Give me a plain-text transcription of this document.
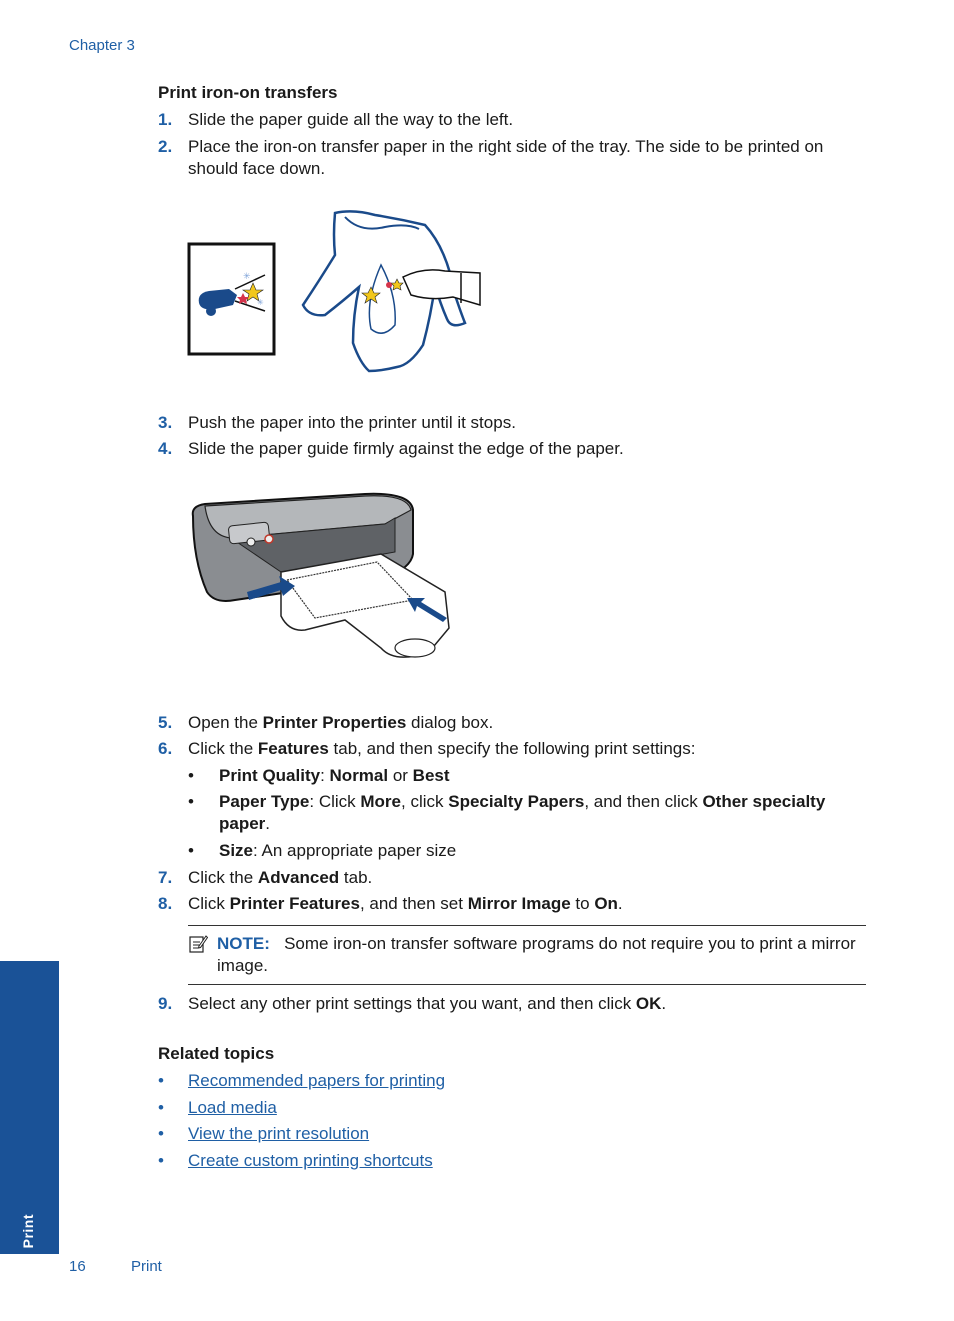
Chapter 3
Print iron-on transfers
1. Slide the paper guide all the way to the left.
2. Place the iron-on transfer paper in the right side of the tray. The side to be printed on should face down.
✳
✳
3. Push the paper into the printer until it stops.
4. Slide the paper guide firmly against the edge of the paper.
5. Open the Printer Properties dialog box.
6. Click the Features tab, and then specify the following print settings:
• Print Quality: Normal or Best
• Paper Type: Click More, click Specialty Papers, and then click Other specialty paper.
• Size: An appropriate paper size
7. Click the Advanced tab.
8. Click Printer Features, and then set Mirror Image to On.
NOTE: Some iron-on transfer software programs do not require you to print a mirror image.
9. Select any other print settings that you want, and then click OK.
Related topics
• Recommended papers for printing
• Load media
• View the print resolution
• Create custom printing shortcuts
Print
16	Print
